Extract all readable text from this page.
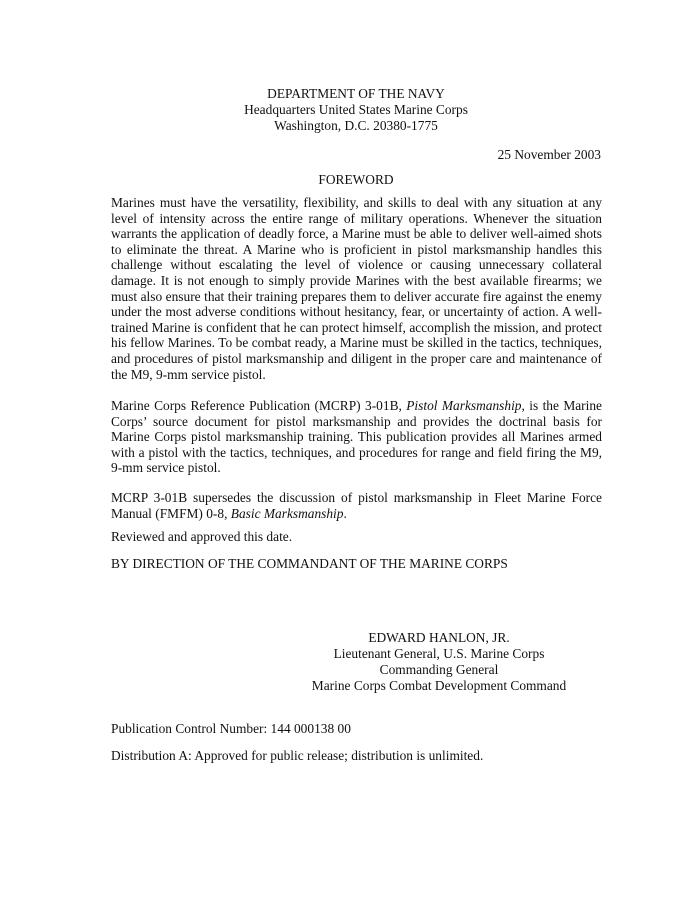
DEPARTMENT OF THE NAVY
Headquarters United States Marine Corps
Washington, D.C. 20380-1775
25 November 2003
FOREWORD

Marines must have the versatility, flexibility, and skills to deal with any situation at any level of intensity across the entire range of military operations. Whenever the situation warrants the application of deadly force, a Marine must be able to deliver well-aimed shots to eliminate the threat. A Marine who is proficient in pistol marksmanship handles this challenge without escalating the level of violence or causing unnecessary collateral damage. It is not enough to simply provide Marines with the best available firearms; we must also ensure that their training prepares them to deliver accurate fire against the enemy under the most adverse conditions without hesitancy, fear, or uncertainty of action. A well-trained Marine is confident that he can protect himself, accomplish the mission, and protect his fellow Marines. To be combat ready, a Marine must be skilled in the tactics, techniques, and procedures of pistol marksmanship and diligent in the proper care and maintenance of the M9, 9-mm service pistol.

Marine Corps Reference Publication (MCRP) 3-01B, Pistol Marksmanship, is the Marine Corps’ source document for pistol marksmanship and provides the doctrinal basis for Marine Corps pistol marksmanship training. This publication provides all Marines armed with a pistol with the tactics, techniques, and procedures for range and field firing the M9, 9-mm service pistol.

MCRP 3-01B supersedes the discussion of pistol marksmanship in Fleet Marine Force Manual (FMFM) 0-8, Basic Marksmanship.

Reviewed and approved this date.
BY DIRECTION OF THE COMMANDANT OF THE MARINE CORPS
EDWARD HANLON, JR.
Lieutenant General, U.S. Marine Corps
Commanding General
Marine Corps Combat Development Command
Publication Control Number: 144 000138 00
Distribution A: Approved for public release; distribution is unlimited.
